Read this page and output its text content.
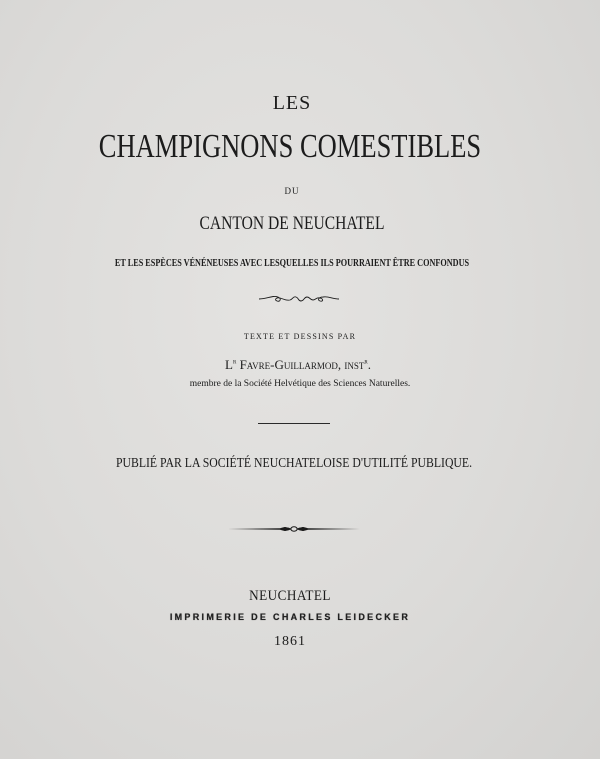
LES
CHAMPIGNONS COMESTIBLES
DU
CANTON DE NEUCHATEL
ET LES ESPÈCES VÉNÉNEUSES AVEC LESQUELLES ILS POURRAIENT ÊTRE CONFONDUS
TEXTE ET DESSINS PAR
$L^r$ Favre-Guillarmod, inst$^r$.
membre de la Société Helvétique des Sciences Naturelles.
PUBLIÉ PAR LA SOCIÉTÉ NEUCHATELOISE D'UTILITÉ PUBLIQUE.
NEUCHATEL
IMPRIMERIE DE CHARLES LEIDECKER
1861
